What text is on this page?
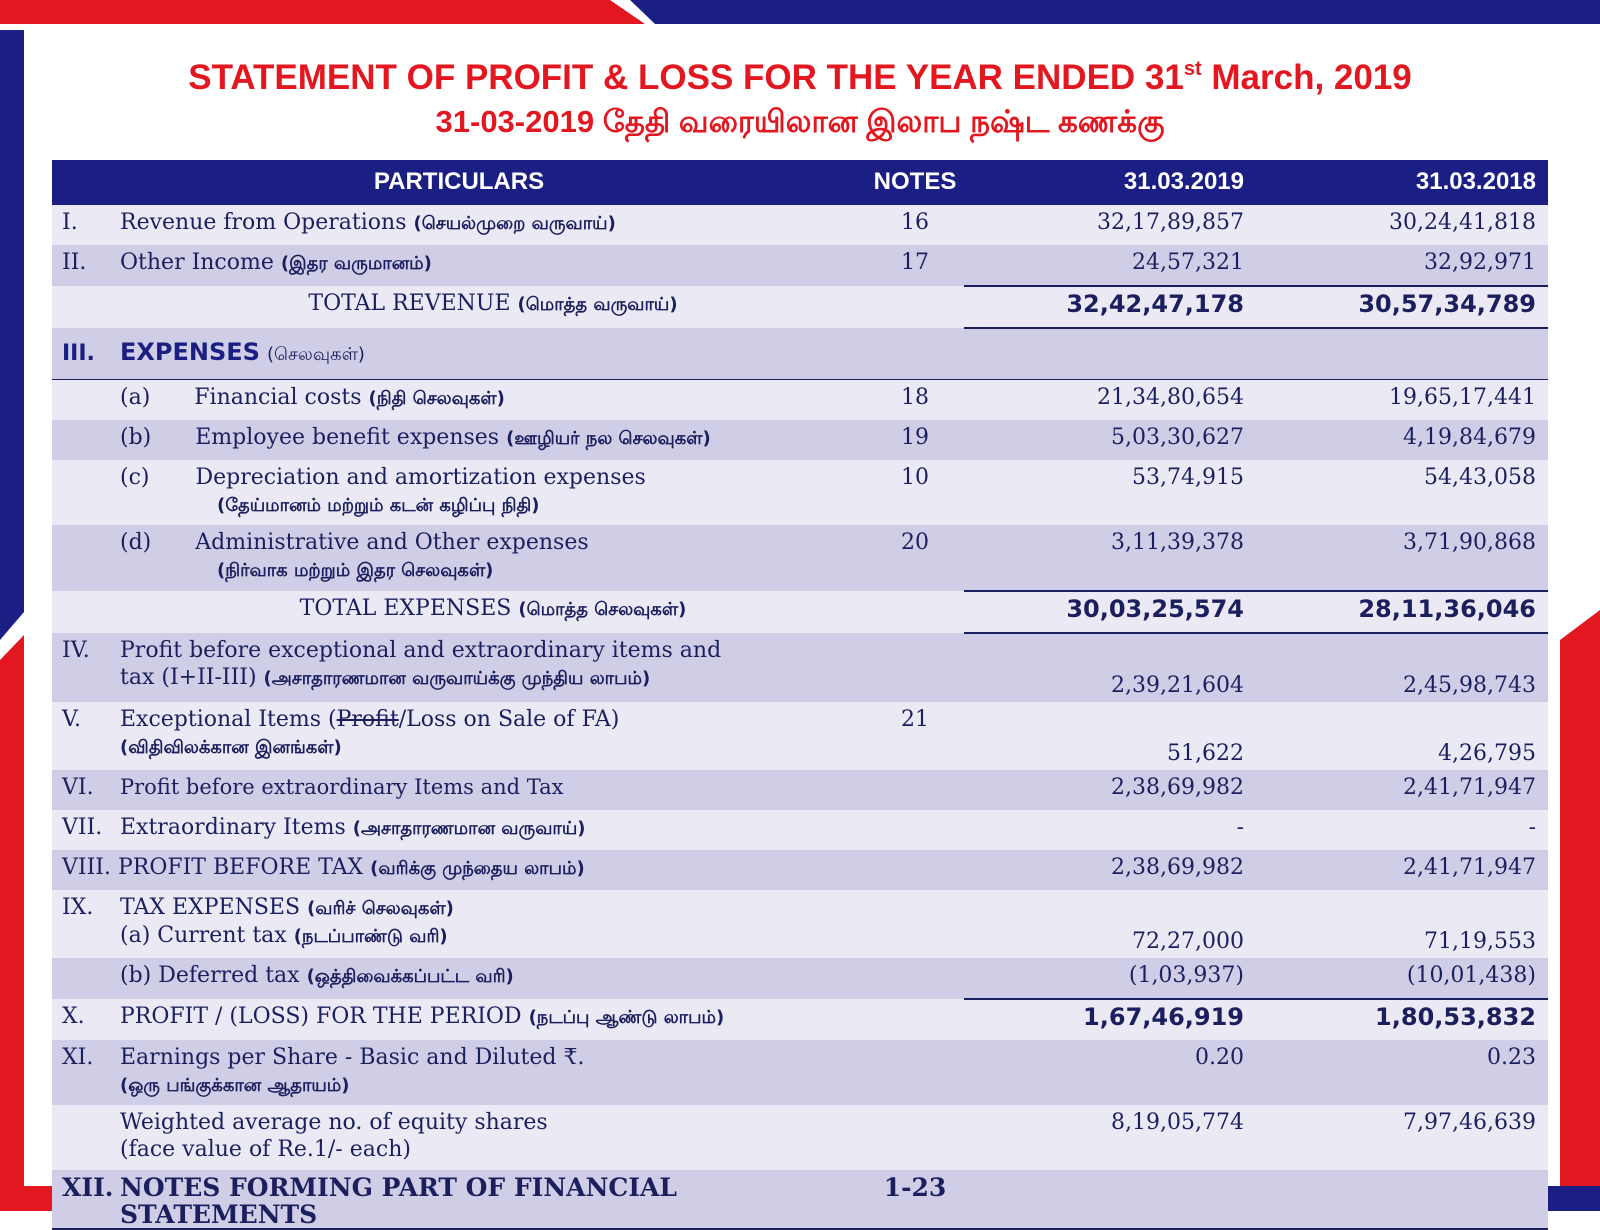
STATEMENT OF PROFIT & LOSS FOR THE YEAR ENDED 31st March, 2019
31-03-2019 தேதி வரையிலான இலாப நஷ்ட கணக்கு
PARTICULARS		NOTES	31.03.2019	31.03.2018
I.	Revenue from Operations (செயல்முறை வருவாய்)	16	32,17,89,857	30,24,41,818
II.	Other Income (இதர வருமானம்)	17	24,57,321	32,92,971
	TOTAL REVENUE (மொத்த வருவாய்)		32,42,47,178	30,57,34,789
III.	EXPENSES (செலவுகள்)			
	(a) Financial costs (நிதி செலவுகள்)	18	21,34,80,654	19,65,17,441
	(b) Employee benefit expenses (ஊழியர் நல செலவுகள்)	19	5,03,30,627	4,19,84,679
	(c) Depreciation and amortization expenses
(தேய்மானம் மற்றும் கடன் கழிப்பு நிதி)	10	53,74,915	54,43,058
	(d) Administrative and Other expenses
(நிர்வாக மற்றும் இதர செலவுகள்)	20	3,11,39,378	3,71,90,868
	TOTAL EXPENSES (மொத்த செலவுகள்)		30,03,25,574	28,11,36,046
IV.	Profit before exceptional and extraordinary items and
tax (I+II-III) (அசாதாரணமான வருவாய்க்கு முந்திய லாபம்)		2,39,21,604	2,45,98,743
V.	Exceptional Items (Profit/Loss on Sale of FA)
(விதிவிலக்கான இனங்கள்)	21	51,622	4,26,795
VI.	Profit before extraordinary Items and Tax		2,38,69,982	2,41,71,947
VII.	Extraordinary Items (அசாதாரணமான வருவாய்)		-	-
VIII. PROFIT BEFORE TAX (வரிக்கு முந்தைய லாபம்)			2,38,69,982	2,41,71,947
IX.	TAX EXPENSES (வரிச் செலவுகள்)
(a) Current tax (நடப்பாண்டு வரி)		72,27,000	71,19,553
	(b) Deferred tax (ஒத்திவைக்கப்பட்ட வரி)		(1,03,937)	(10,01,438)
X.	PROFIT / (LOSS) FOR THE PERIOD (நடப்பு ஆண்டு லாபம்)		1,67,46,919	1,80,53,832
XI.	Earnings per Share - Basic and Diluted ₹.
(ஒரு பங்குக்கான ஆதாயம்)		0.20	0.23
	Weighted average no. of equity shares
(face value of Re.1/- each)		8,19,05,774	7,97,46,639
XII.	NOTES FORMING PART OF FINANCIAL STATEMENTS	1-23		
